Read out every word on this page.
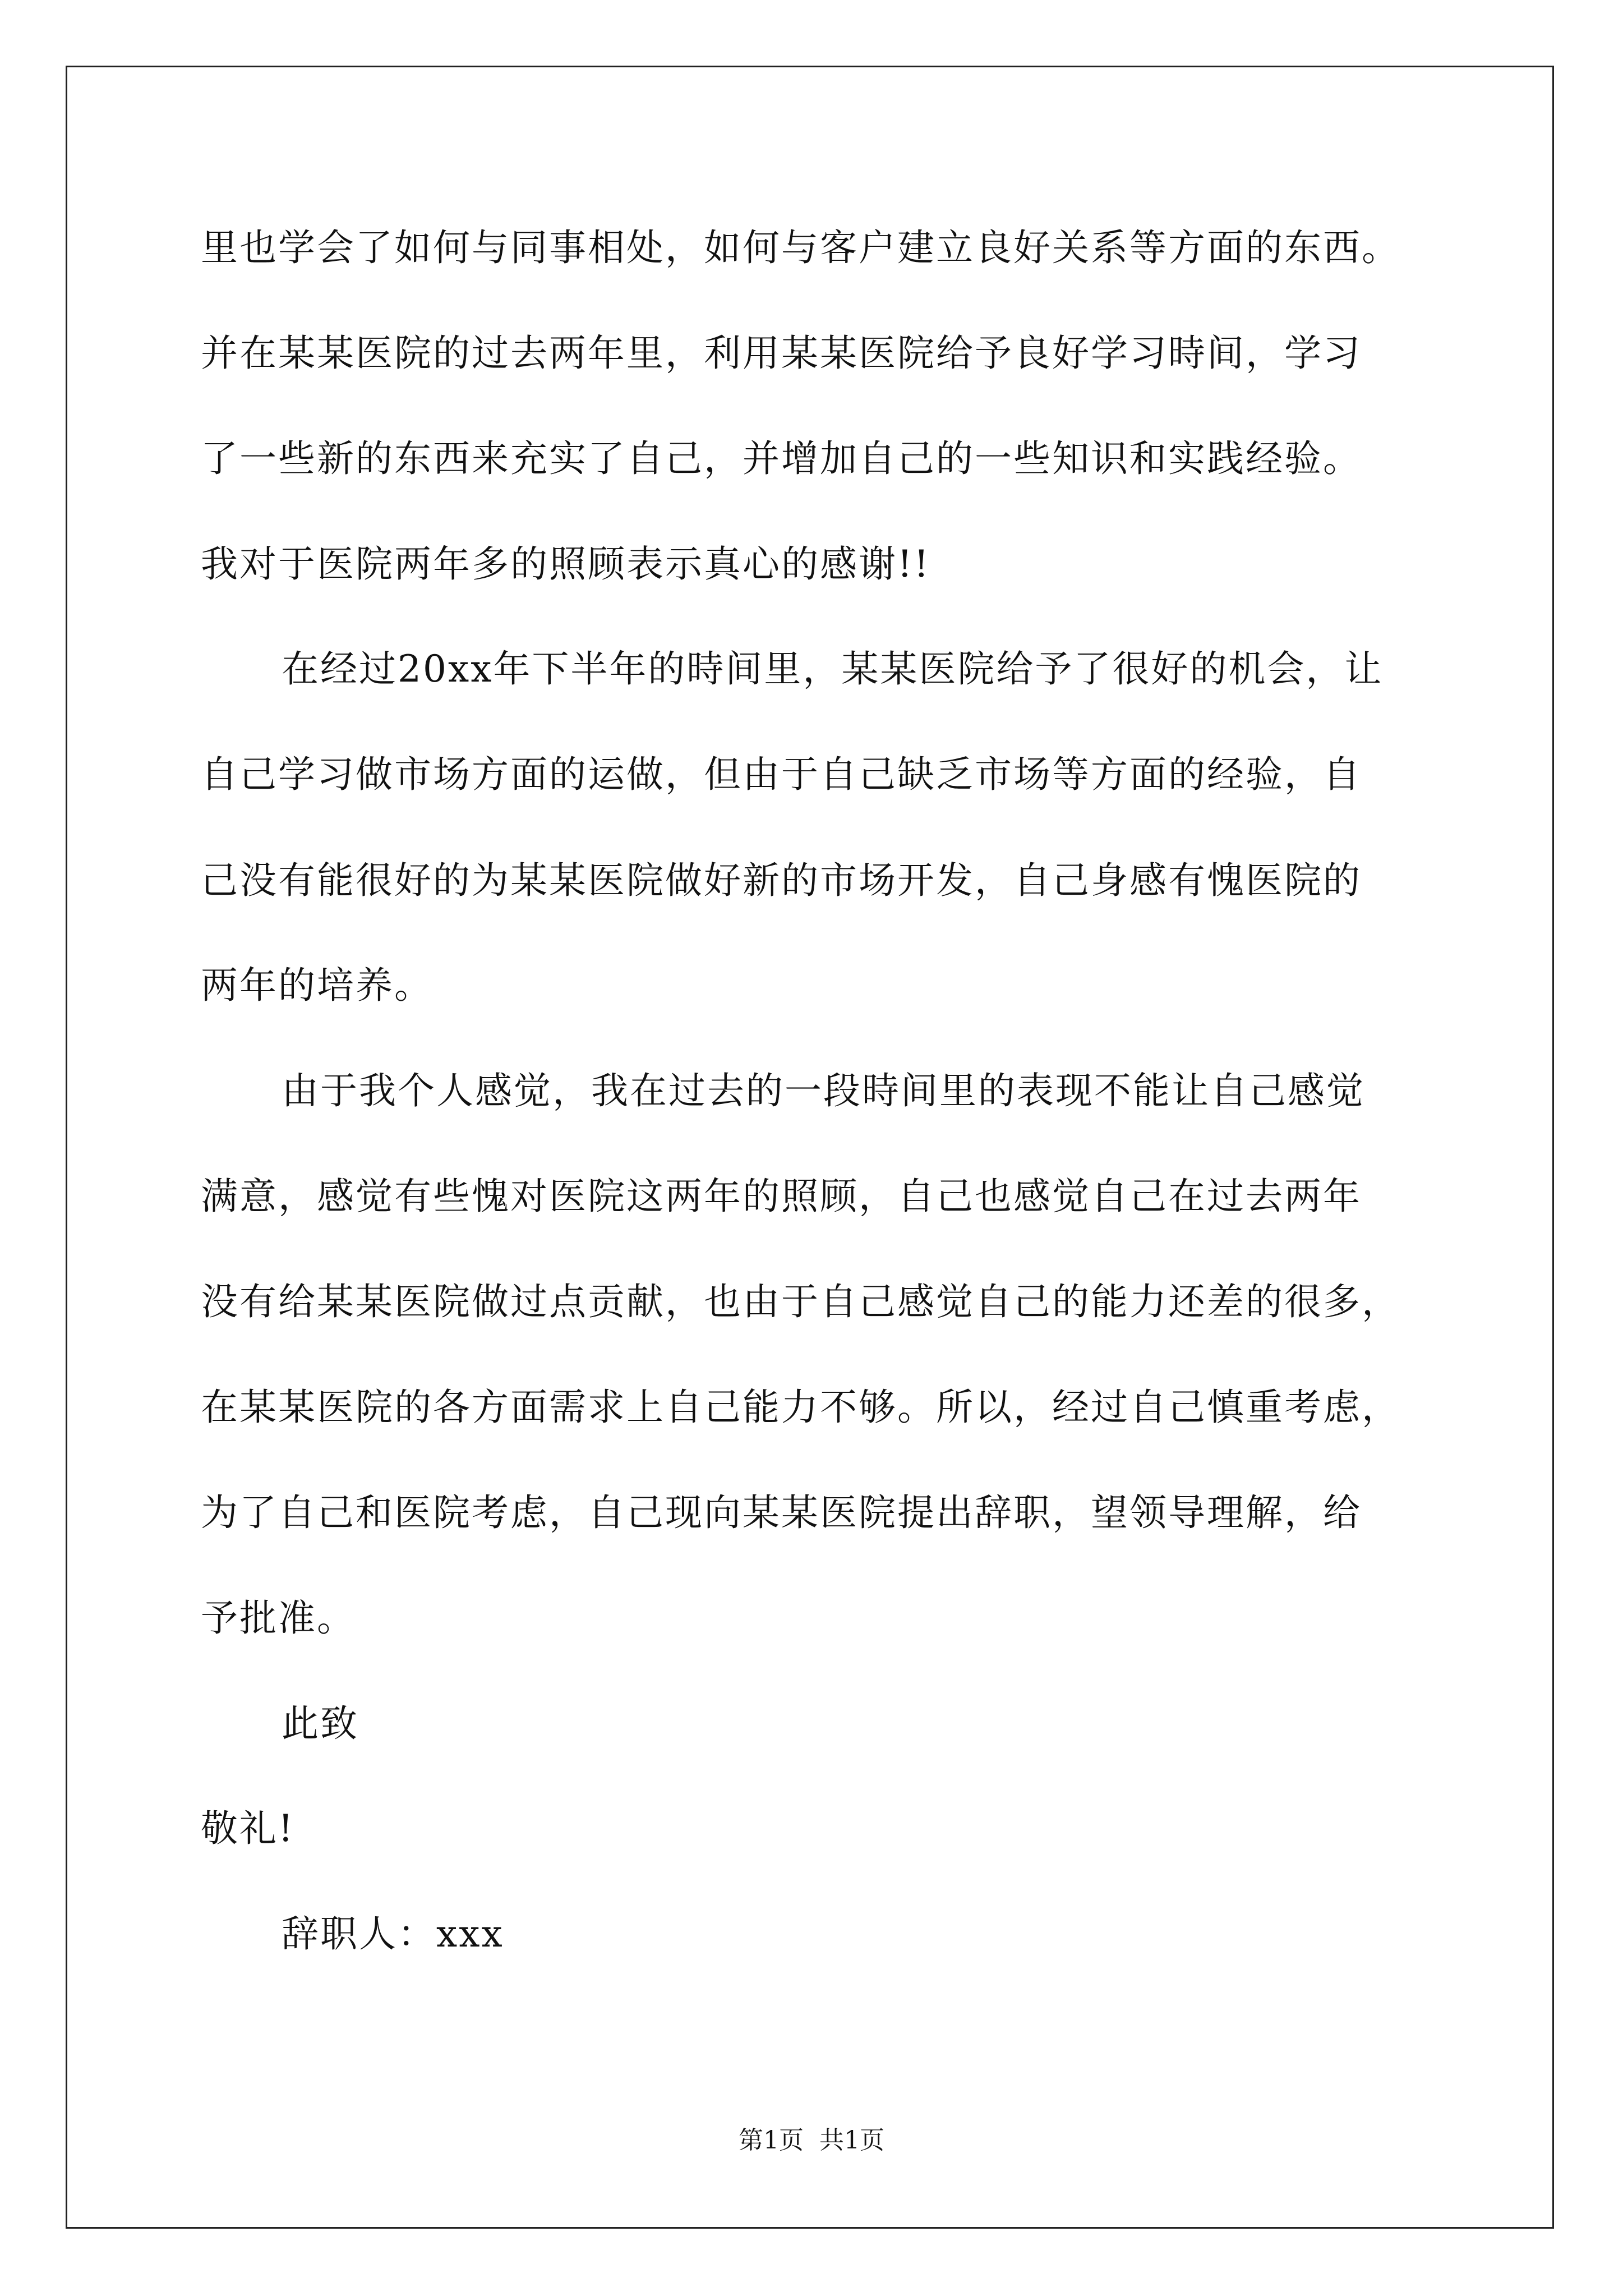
里也学会了如何与同事相处，如何与客户建立良好关系等方面的东西。
并在某某医院的过去两年里，利用某某医院给予良好学习時间，学习
了一些新的东西来充实了自己，并增加自己的一些知识和实践经验。
我对于医院两年多的照顾表示真心的感谢!!
在经过20xx年下半年的時间里，某某医院给予了很好的机会，让
自己学习做市场方面的运做，但由于自己缺乏市场等方面的经验，自
己没有能很好的为某某医院做好新的市场开发，自己身感有愧医院的
两年的培养。
由于我个人感觉，我在过去的一段時间里的表现不能让自己感觉
满意，感觉有些愧对医院这两年的照顾，自己也感觉自己在过去两年
没有给某某医院做过点贡献，也由于自己感觉自己的能力还差的很多，
在某某医院的各方面需求上自己能力不够。所以，经过自己慎重考虑，
为了自己和医院考虑，自己现向某某医院提出辞职，望领导理解，给
予批准。
此致
敬礼!
辞职人：xxx
第1页  共1页
